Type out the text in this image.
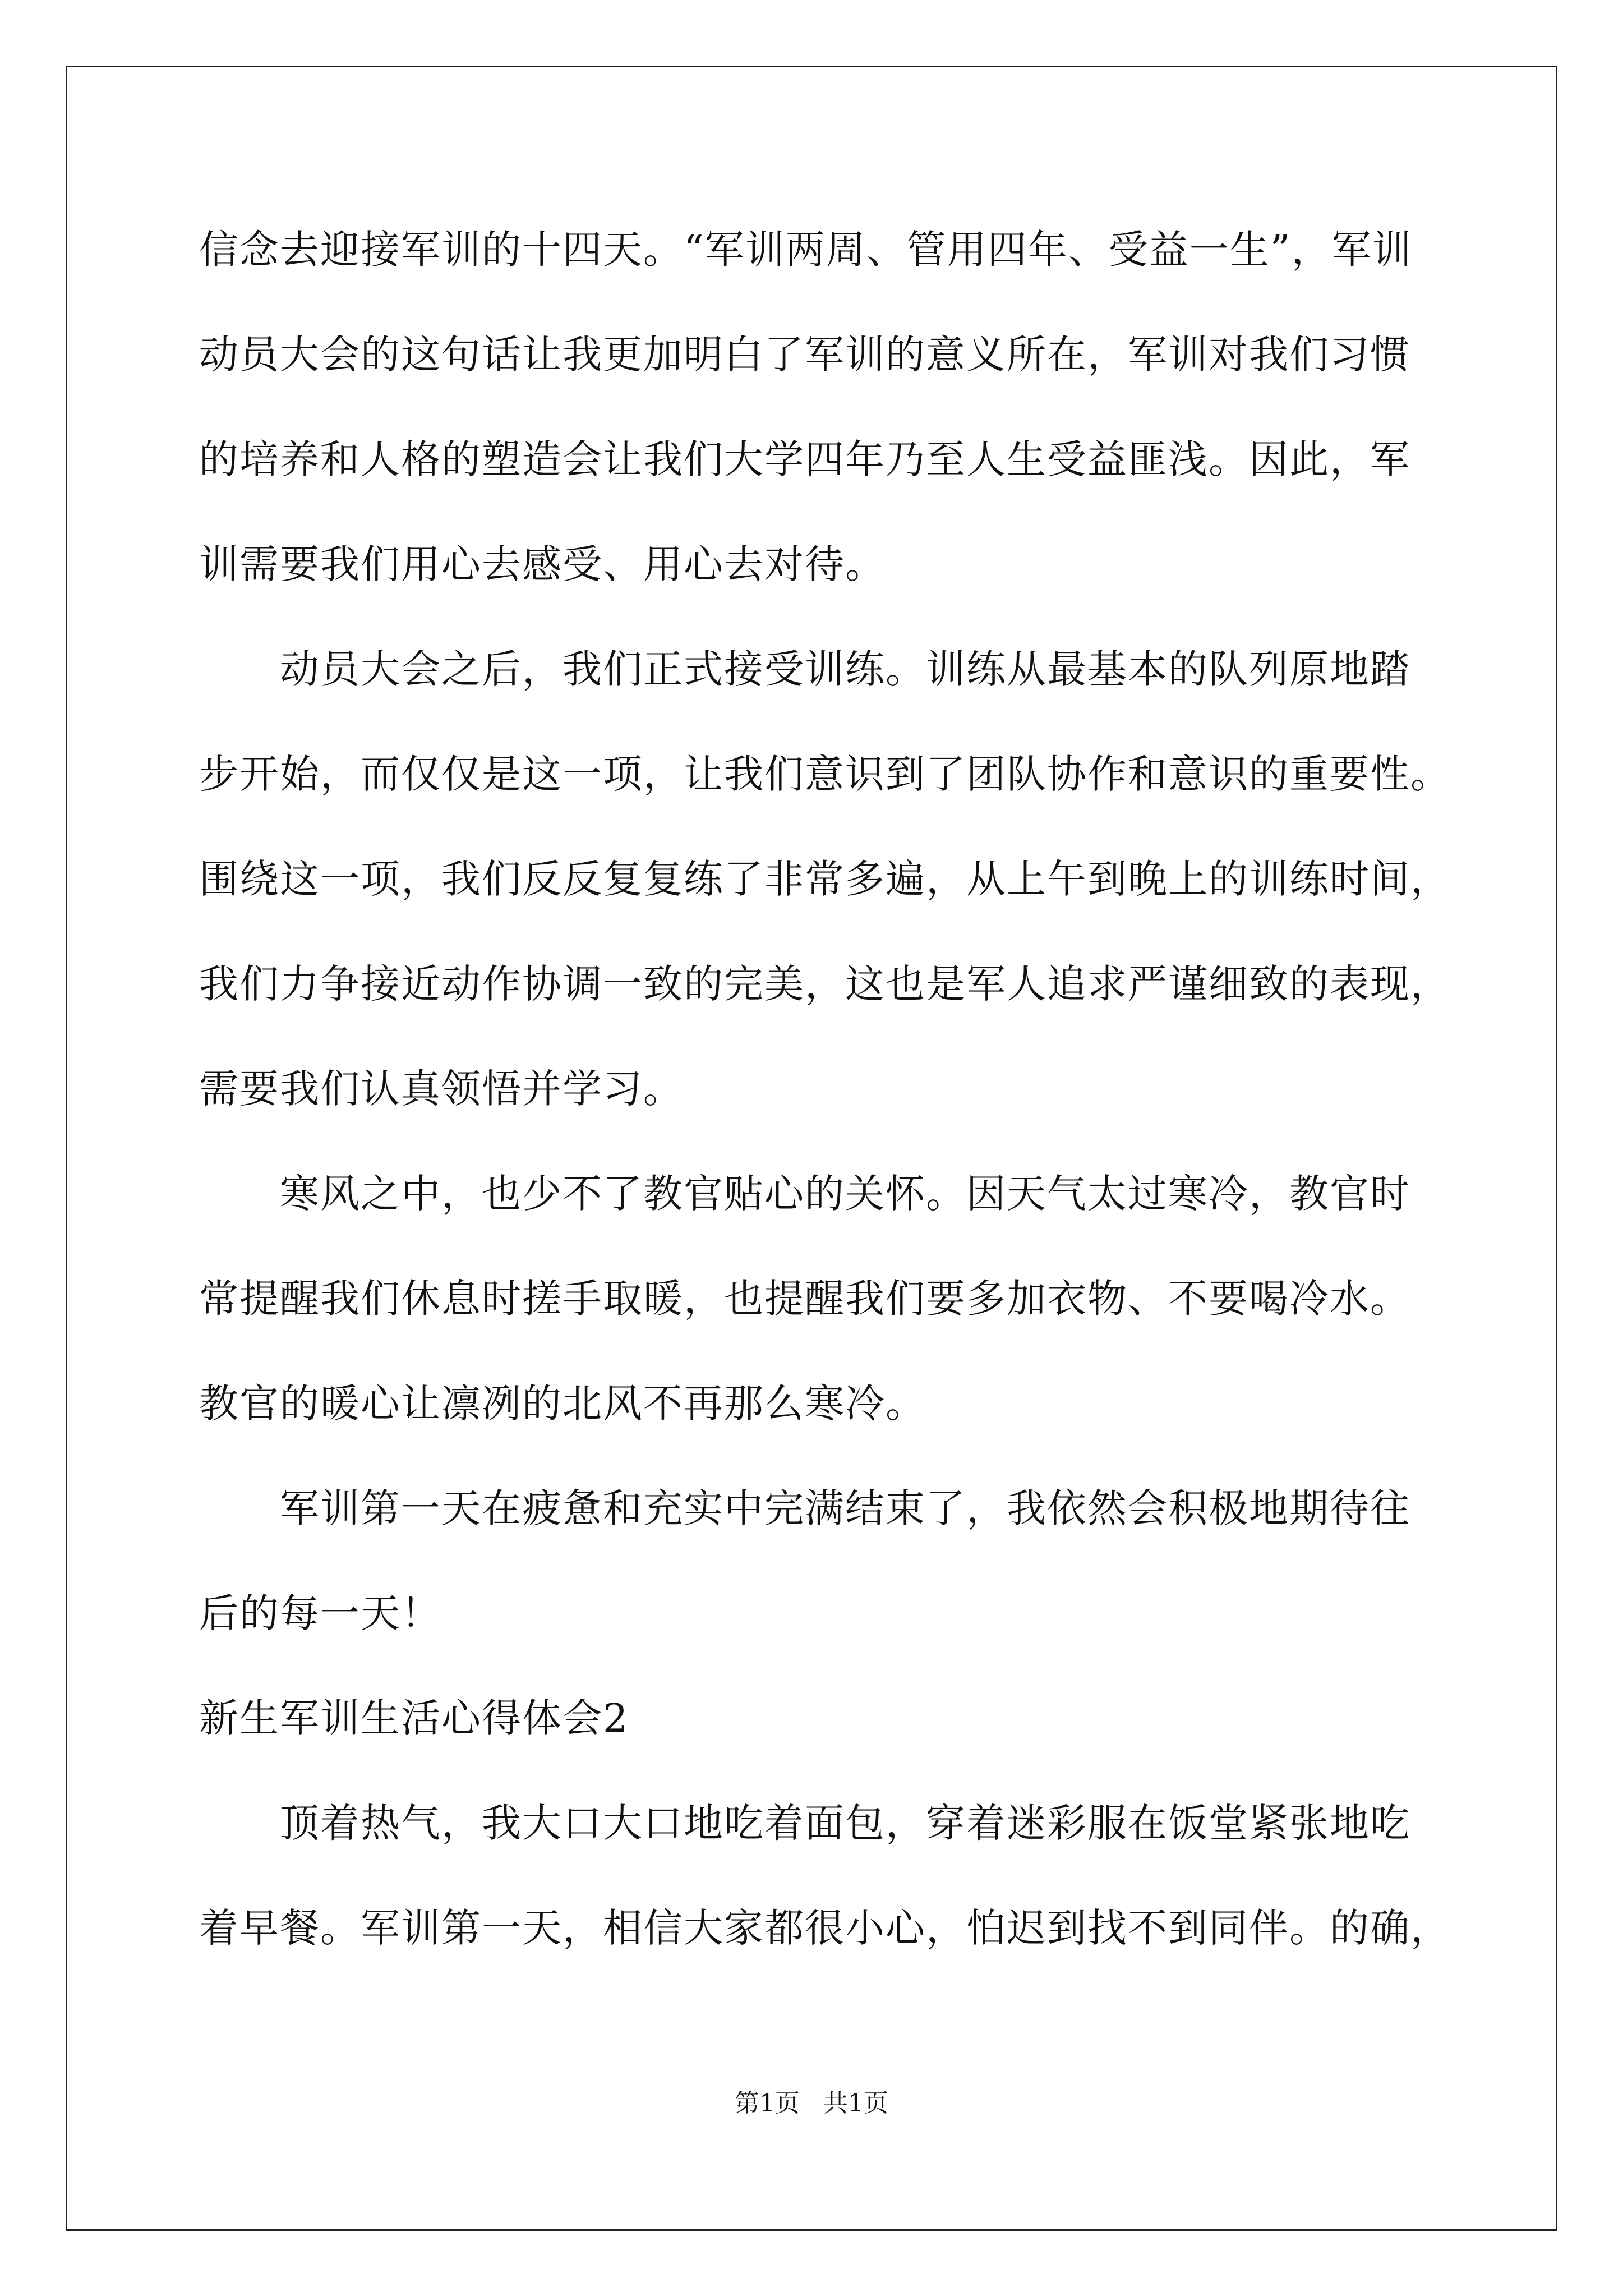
信念去迎接军训的十四天。“军训两周、管用四年、受益一生”，军训
动员大会的这句话让我更加明白了军训的意义所在，军训对我们习惯
的培养和人格的塑造会让我们大学四年乃至人生受益匪浅。因此，军
训需要我们用心去感受、用心去对待。
　　动员大会之后，我们正式接受训练。训练从最基本的队列原地踏
步开始，而仅仅是这一项，让我们意识到了团队协作和意识的重要性。
围绕这一项，我们反反复复练了非常多遍，从上午到晚上的训练时间，
我们力争接近动作协调一致的完美，这也是军人追求严谨细致的表现，
需要我们认真领悟并学习。
　　寒风之中，也少不了教官贴心的关怀。因天气太过寒冷，教官时
常提醒我们休息时搓手取暖，也提醒我们要多加衣物、不要喝冷水。
教官的暖心让凛冽的北风不再那么寒冷。
　　军训第一天在疲惫和充实中完满结束了，我依然会积极地期待往
后的每一天！
新生军训生活心得体会2
　　顶着热气，我大口大口地吃着面包，穿着迷彩服在饭堂紧张地吃
着早餐。军训第一天，相信大家都很小心，怕迟到找不到同伴。的确，
第1页 共1页
